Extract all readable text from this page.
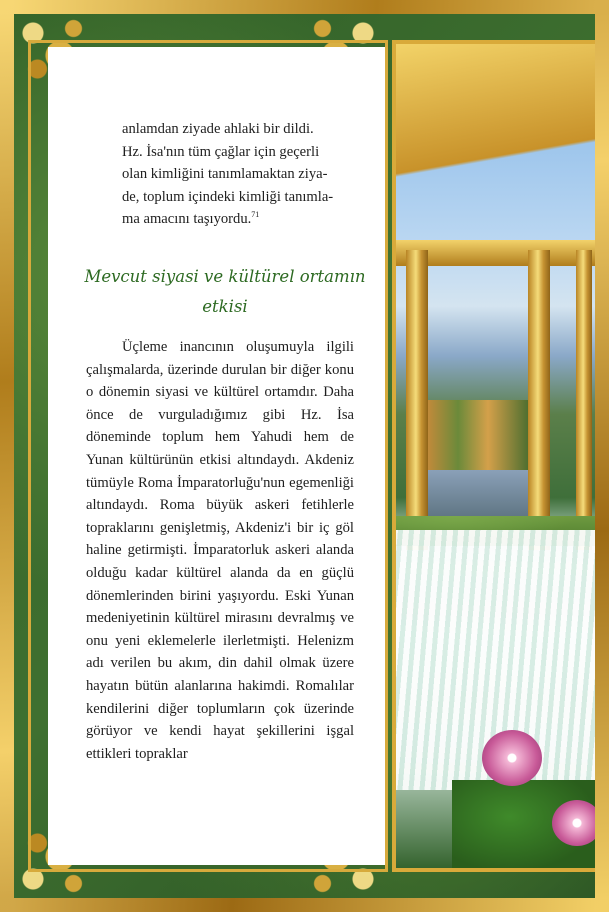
anlamdan ziyade ahlaki bir dildi.
Hz. İsa'nın tüm çağlar için geçerli
olan kimliğini tanımlamaktan ziya-
de, toplum içindeki kimliği tanımla-
ma amacını taşıyordu.$^{71}$

Mevcut siyasi ve kültürel ortamın
etkisi

Üçleme inancının oluşumuyla ilgili çalışmalarda, üzerinde durulan bir diğer konu o dönemin siyasi ve kültürel ortamdır. Daha önce de vurguladığımız gibi Hz. İsa döneminde toplum hem Yahudi hem de Yunan kültürünün etkisi altındaydı. Akdeniz tümüyle Roma İmparatorluğu'nun egemenliği altındaydı. Roma büyük askeri fetihlerle topraklarını genişletmiş, Akdeniz'i bir iç göl haline getirmişti. İmparatorluk askeri alanda olduğu kadar kültürel alanda da en güçlü dönemlerinden birini yaşıyordu. Eski Yunan medeniyetinin kültürel mirasını devralmış ve onu yeni eklemelerle ilerletmişti. Helenizm adı verilen bu akım, din dahil olmak üzere hayatın bütün alanlarına hakimdi. Romalılar kendilerini diğer toplumların çok üzerinde görüyor ve kendi hayat şekillerini işgal ettikleri topraklar
